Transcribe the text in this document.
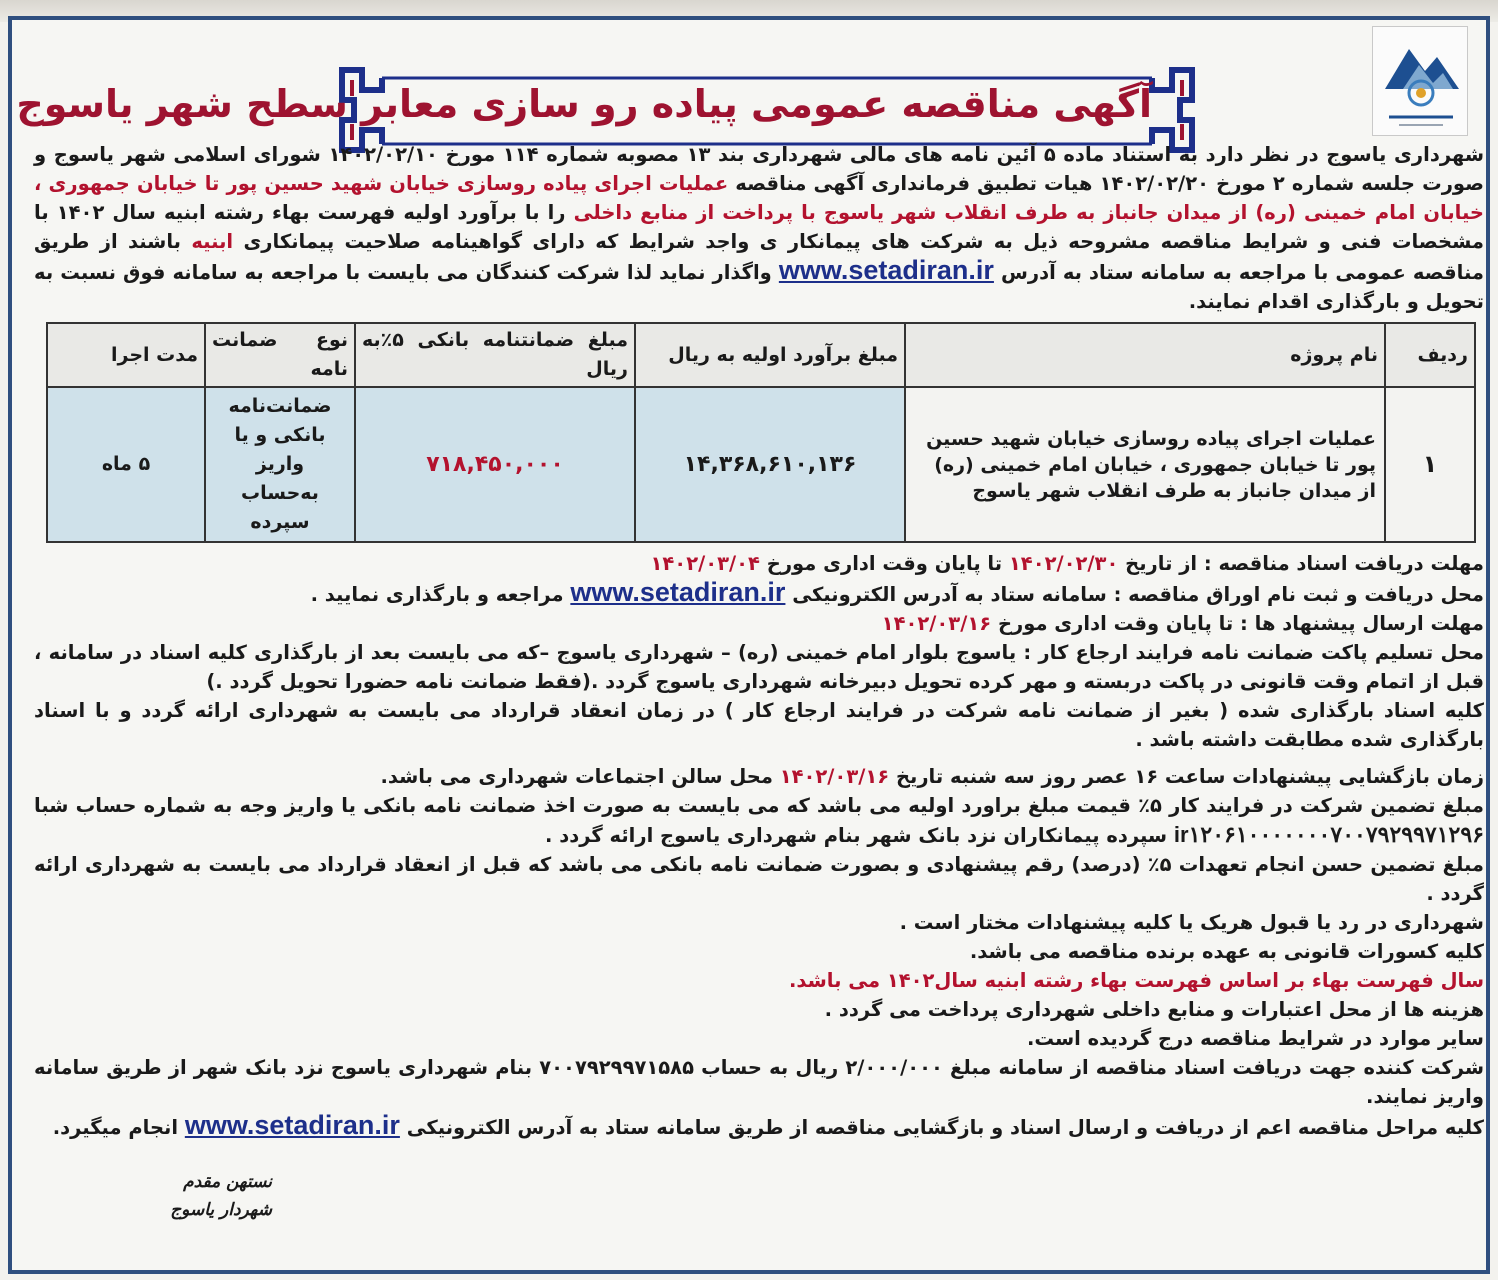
آگهی مناقصه عمومی پیاده رو سازی معابر سطح شهر یاسوج

شهرداری یاسوج در نظر دارد به استناد ماده ۵ آئین نامه های مالی شهرداری بند ۱۳ مصوبه شماره ۱۱۴ مورخ ۱۴۰۲/۰۲/۱۰ شورای اسلامی شهر یاسوج و صورت جلسه شماره ۲ مورخ ۱۴۰۲/۰۲/۲۰ هیات تطبیق فرمانداری آگهی مناقصه عملیات اجرای پیاده روسازی خیابان شهید حسین پور تا خیابان جمهوری ، خیابان امام خمینی (ره) از میدان جانباز به طرف انقلاب شهر یاسوج با پرداخت از منابع داخلی را با برآورد اولیه فهرست بهاء رشته ابنیه سال ۱۴۰۲ با مشخصات فنی و شرایط مناقصه مشروحه ذیل به شرکت های پیمانکار ی واجد شرایط که دارای گواهینامه صلاحیت پیمانکاری ابنیه باشند از طریق مناقصه عمومی با مراجعه به سامانه ستاد به آدرس www.setadiran.ir واگذار نماید لذا شرکت کنندگان می بایست با مراجعه به سامانه فوق نسبت به تحویل و بارگذاری اقدام نمایند.

ردیف	نام پروژه	مبلغ برآورد اولیه به ریال	مبلغ ضمانتنامه بانکی ۵٪به ریال	نوع ضمانت نامه	مدت اجرا
۱	عملیات اجرای پیاده روسازی خیابان شهید حسین پور تا خیابان جمهوری ، خیابان امام خمینی (ره) از میدان جانباز به طرف انقلاب شهر یاسوج	۱۴,۳۶۸,۶۱۰,۱۳۶	۷۱۸,۴۵۰,۰۰۰	ضمانت‌نامه بانکی و یا واریز به‌حساب سپرده	۵ ماه

مهلت دریافت اسناد مناقصه : از تاریخ ۱۴۰۲/۰۲/۳۰ تا پایان وقت اداری مورخ ۱۴۰۲/۰۳/۰۴

محل دریافت و ثبت نام اوراق مناقصه : سامانه ستاد به آدرس الکترونیکی www.setadiran.ir مراجعه و بارگذاری نمایید .

مهلت ارسال پیشنهاد ها : تا پایان وقت اداری مورخ ۱۴۰۲/۰۳/۱۶

محل تسلیم پاکت ضمانت نامه فرایند ارجاع کار : یاسوج بلوار امام خمینی (ره) – شهرداری یاسوج –که می بایست بعد از بارگذاری کلیه اسناد در سامانه ، قبل از اتمام وقت قانونی در پاکت دربسته و مهر کرده تحویل دبیرخانه شهرداری یاسوج گردد .(فقط ضمانت نامه حضورا تحویل گردد .)

کلیه اسناد بارگذاری شده ( بغیر از ضمانت نامه شرکت در فرایند ارجاع کار ) در زمان انعقاد قرارداد می بایست به شهرداری ارائه گردد و با اسناد بارگذاری شده مطابقت داشته باشد .

زمان بازگشایی پیشنهادات ساعت ۱۶ عصر روز سه شنبه تاریخ ۱۴۰۲/۰۳/۱۶ محل سالن اجتماعات شهرداری می باشد.

مبلغ تضمین شرکت در فرایند کار ۵٪ قیمت مبلغ براورد اولیه می باشد که می بایست به صورت اخذ ضمانت نامه بانکی یا واریز وجه به شماره حساب شبا ir۱۲۰۶۱۰۰۰۰۰۰۰۷۰۰۷۹۲۹۹۷۱۲۹۶ سپرده پیمانکاران نزد بانک شهر بنام شهرداری یاسوج ارائه گردد .

مبلغ تضمین حسن انجام تعهدات ۵٪ (درصد) رقم پیشنهادی و بصورت ضمانت نامه بانکی می باشد که قبل از انعقاد قرارداد می بایست به شهرداری ارائه گردد .

شهرداری در رد یا قبول هریک یا کلیه پیشنهادات مختار است .

کلیه کسورات قانونی به عهده برنده مناقصه می باشد.

سال فهرست بهاء بر اساس فهرست بهاء رشته ابنیه سال۱۴۰۲ می باشد.

هزینه ها از محل اعتبارات و منابع داخلی شهرداری پرداخت می گردد .

سایر موارد در شرایط مناقصه درج گردیده است.

شرکت کننده جهت دریافت اسناد مناقصه از سامانه مبلغ ۲/۰۰۰/۰۰۰ ریال به حساب ۷۰۰۷۹۲۹۹۷۱۵۸۵ بنام شهرداری یاسوج نزد بانک شهر از طریق سامانه واریز نمایند.

کلیه مراحل مناقصه اعم از دریافت و ارسال اسناد و بازگشایی مناقصه از طریق سامانه ستاد به آدرس الکترونیکی www.setadiran.ir انجام میگیرد.

نستهن مقدم
شهردار یاسوج
